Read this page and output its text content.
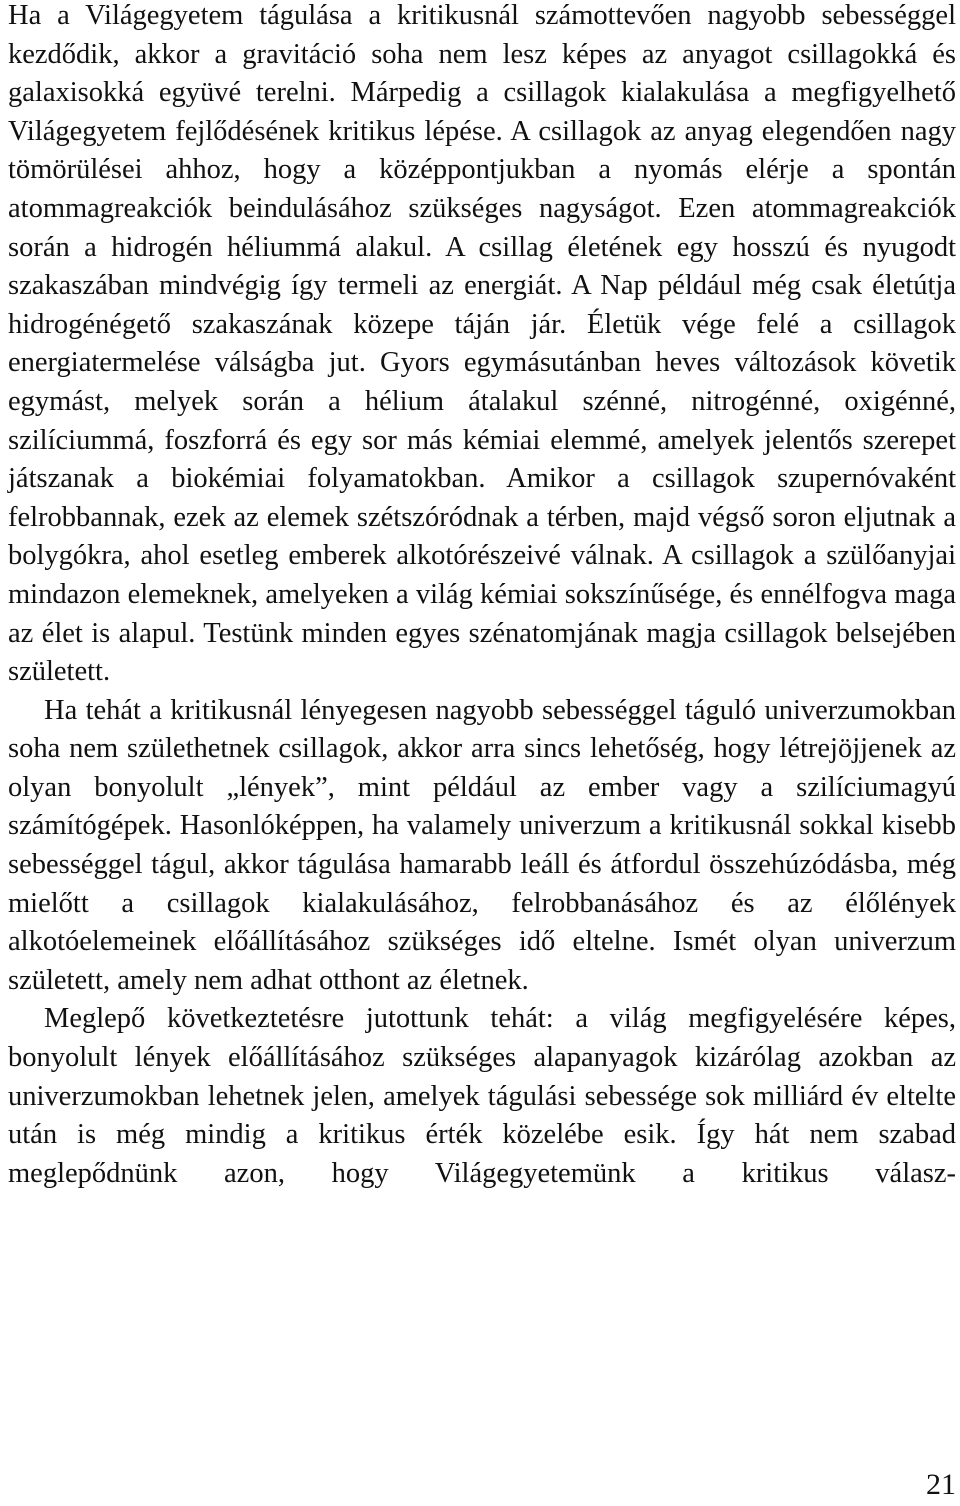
Ha a Világegyetem tágulása a kritikusnál számottevően nagyobb sebességgel kezdődik, akkor a gravitáció soha nem lesz képes az anyagot csillagokká és galaxisokká együvé terelni. Márpedig a csillagok kialakulása a megfigyelhető Világegyetem fejlődésének kritikus lépése. A csillagok az anyag elegendően nagy tömörülései ahhoz, hogy a középpontjukban a nyomás elérje a spontán atommagreakciók beindulásához szükséges nagyságot. Ezen atommagreakciók során a hidrogén héliummá alakul. A csillag életének egy hosszú és nyugodt szakaszában mindvégig így termeli az energiát. A Nap például még csak életútja hidrogénégető szakaszának közepe táján jár. Életük vége felé a csillagok energiatermelése válságba jut. Gyors egymásutánban heves változások követik egymást, melyek során a hélium átalakul szénné, nitrogénné, oxigénné, szilíciummá, foszforrá és egy sor más kémiai elemmé, amelyek jelentős szerepet játszanak a biokémiai folyamatokban. Amikor a csillagok szupernóvaként felrobbannak, ezek az elemek szétszóródnak a térben, majd végső soron eljutnak a bolygókra, ahol esetleg emberek alkotórészeivé válnak. A csillagok a szülőanyjai mindazon elemeknek, amelyeken a világ kémiai sokszínűsége, és ennélfogva maga az élet is alapul. Testünk minden egyes szénatomjának magja csillagok belsejében született.

Ha tehát a kritikusnál lényegesen nagyobb sebességgel táguló univerzumokban soha nem születhetnek csillagok, akkor arra sincs lehetőség, hogy létrejöjjenek az olyan bonyolult „lények”, mint például az ember vagy a szilíciumagyú számítógépek. Hasonlóképpen, ha valamely univerzum a kritikusnál sokkal kisebb sebességgel tágul, akkor tágulása hamarabb leáll és átfordul összehúzódásba, még mielőtt a csillagok kialakulásához, felrobbanásához és az élőlények alkotóelemeinek előállításához szükséges idő eltelne. Ismét olyan univerzum született, amely nem adhat otthont az életnek.

Meglepő következtetésre jutottunk tehát: a világ megfigyelésére képes, bonyolult lények előállításához szükséges alapanyagok kizárólag azokban az univerzumokban lehetnek jelen, amelyek tágulási sebessége sok milliárd év eltelte után is még mindig a kritikus érték közelébe esik. Így hát nem szabad meglepődnünk azon, hogy Világegyetemünk a kritikus válasz-

21
